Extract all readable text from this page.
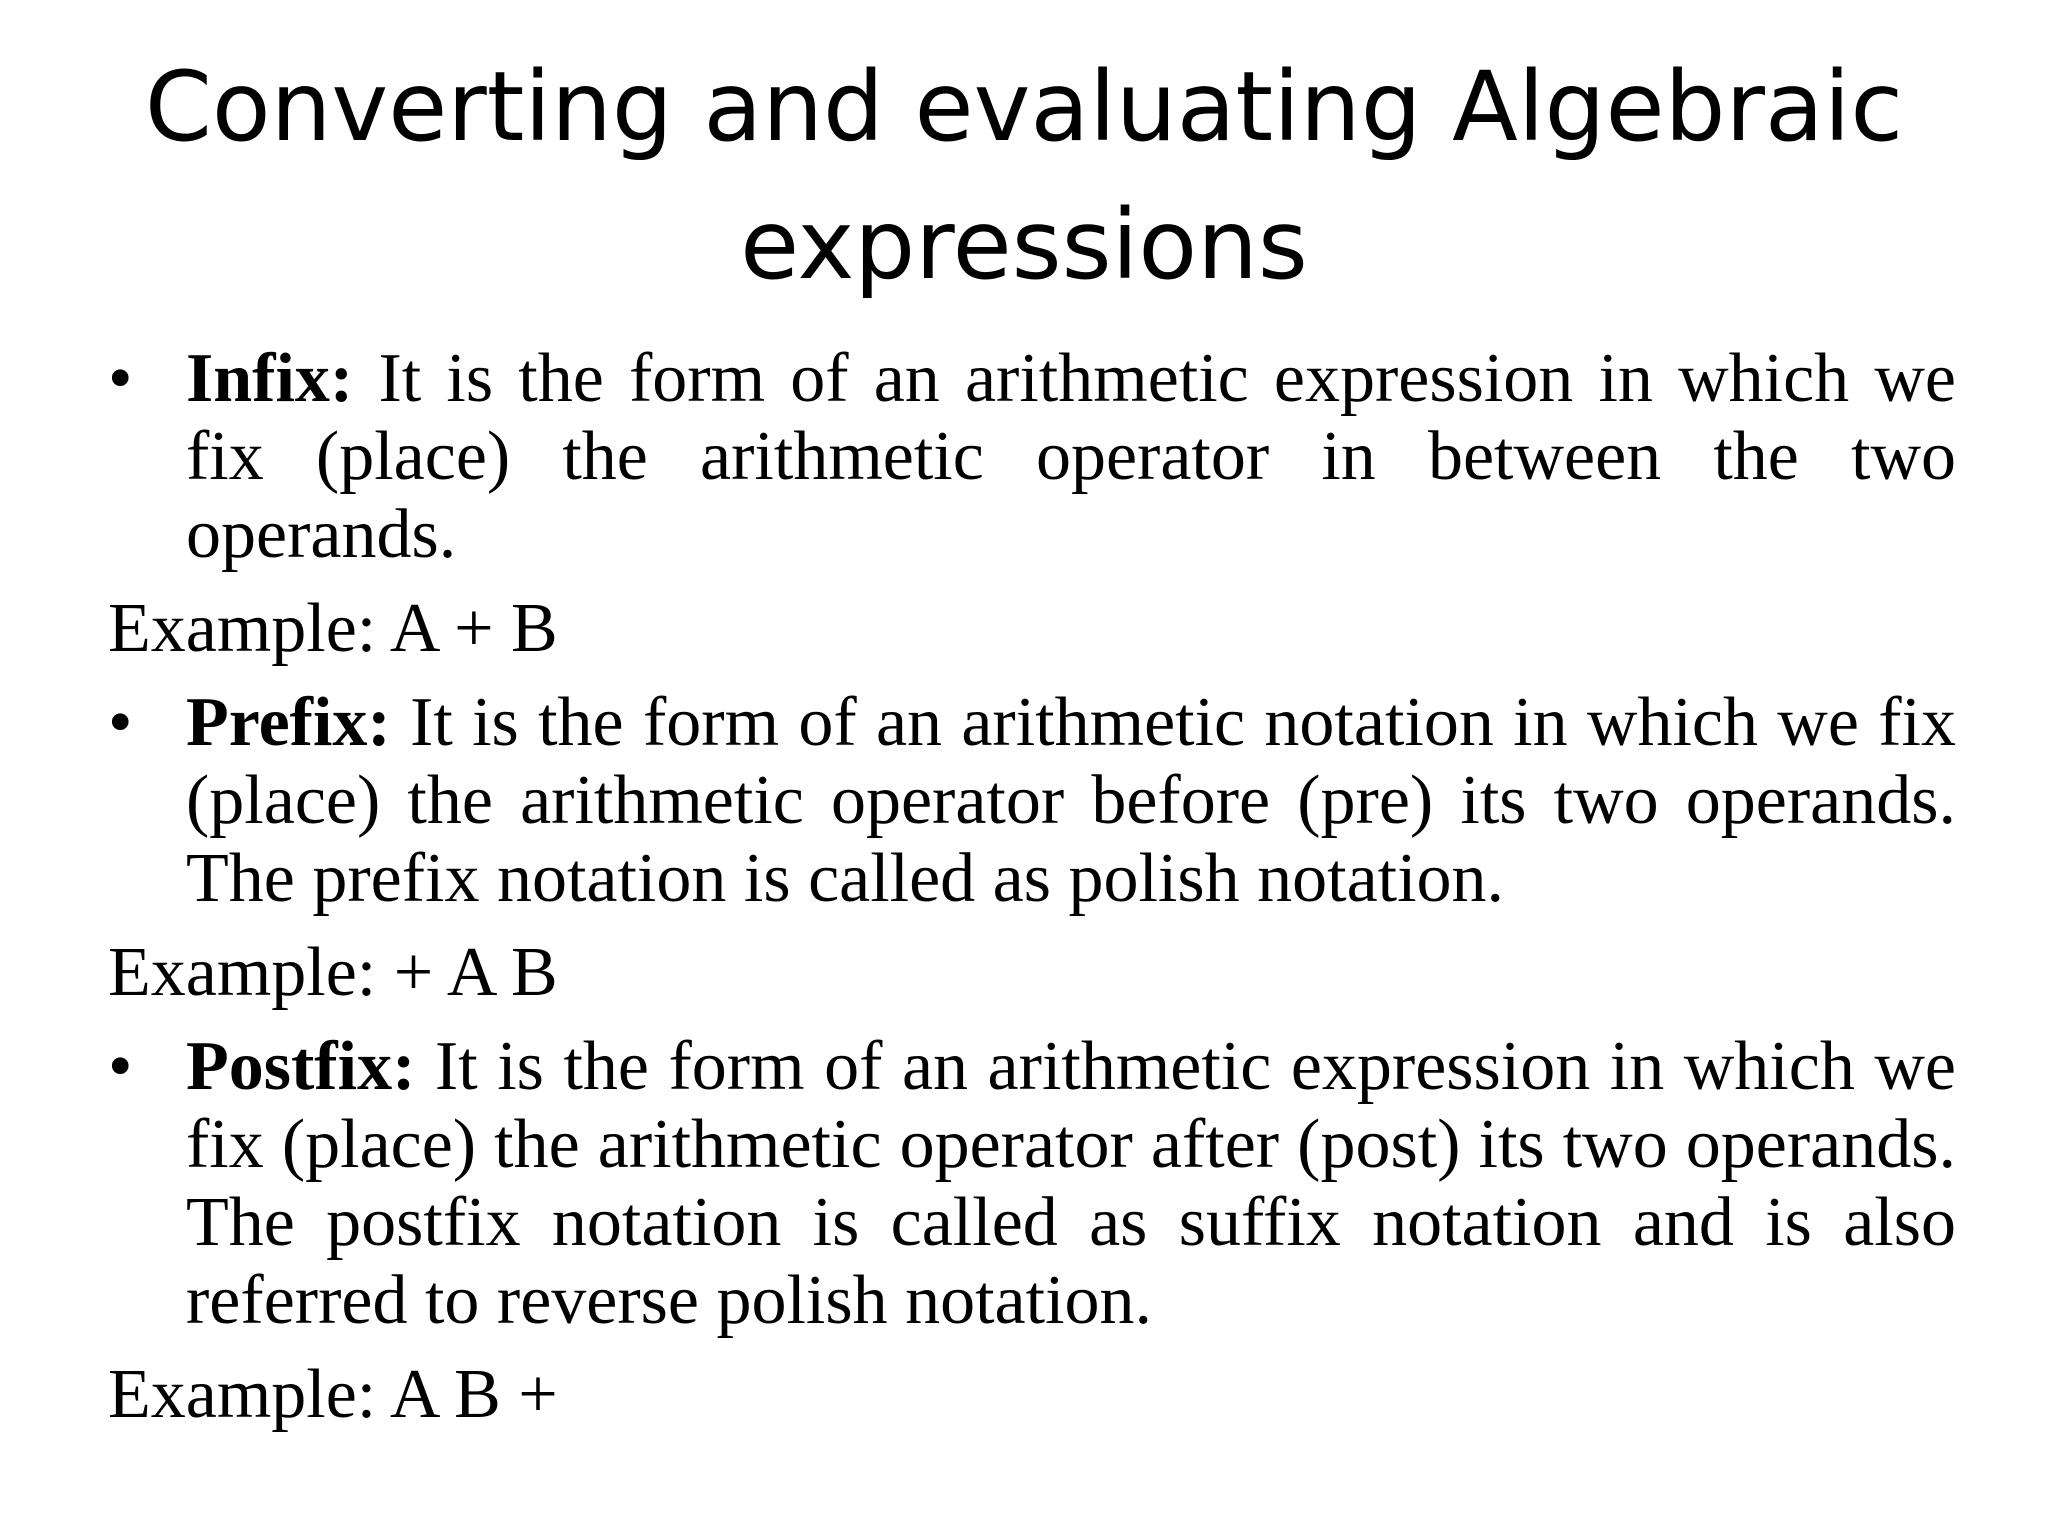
Converting and evaluating Algebraic
expressions

• Infix: It is the form of an arithmetic expression in which we fix (place) the arithmetic operator in between the two operands.

Example: A + B

• Prefix: It is the form of an arithmetic notation in which we fix (place) the arithmetic operator before (pre) its two operands. The prefix notation is called as polish notation.

Example: + A B

• Postfix: It is the form of an arithmetic expression in which we fix (place) the arithmetic operator after (post) its two operands. The postfix notation is called as suffix notation and is also referred to reverse polish notation.

Example: A B +
